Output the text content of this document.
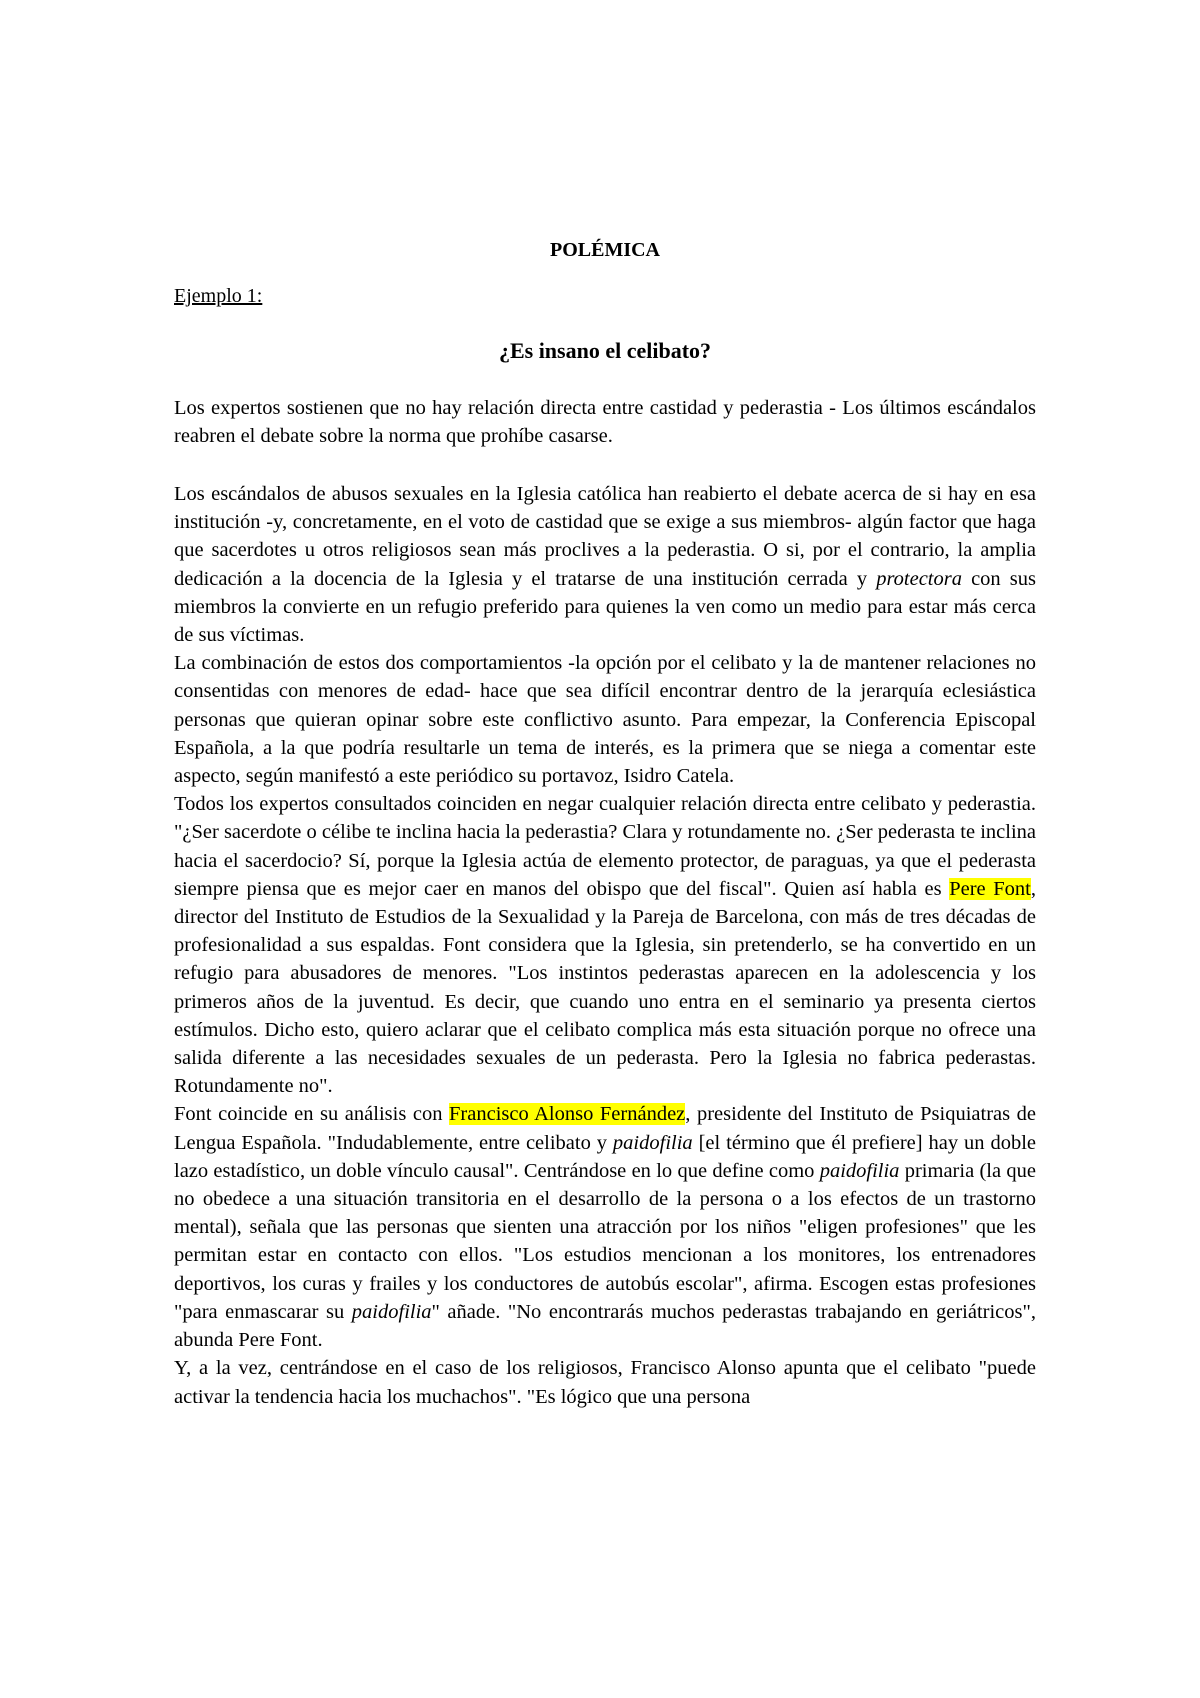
POLÉMICA
Ejemplo 1:
¿Es insano el celibato?

Los expertos sostienen que no hay relación directa entre castidad y pederastia - Los últimos escándalos reabren el debate sobre la norma que prohíbe casarse.

Los escándalos de abusos sexuales en la Iglesia católica han reabierto el debate acerca de si hay en esa institución -y, concretamente, en el voto de castidad que se exige a sus miembros- algún factor que haga que sacerdotes u otros religiosos sean más proclives a la pederastia. O si, por el contrario, la amplia dedicación a la docencia de la Iglesia y el tratarse de una institución cerrada y protectora con sus miembros la convierte en un refugio preferido para quienes la ven como un medio para estar más cerca de sus víctimas.

La combinación de estos dos comportamientos -la opción por el celibato y la de mantener relaciones no consentidas con menores de edad- hace que sea difícil encontrar dentro de la jerarquía eclesiástica personas que quieran opinar sobre este conflictivo asunto. Para empezar, la Conferencia Episcopal Española, a la que podría resultarle un tema de interés, es la primera que se niega a comentar este aspecto, según manifestó a este periódico su portavoz, Isidro Catela.

Todos los expertos consultados coinciden en negar cualquier relación directa entre celibato y pederastia. "¿Ser sacerdote o célibe te inclina hacia la pederastia? Clara y rotundamente no. ¿Ser pederasta te inclina hacia el sacerdocio? Sí, porque la Iglesia actúa de elemento protector, de paraguas, ya que el pederasta siempre piensa que es mejor caer en manos del obispo que del fiscal". Quien así habla es Pere Font, director del Instituto de Estudios de la Sexualidad y la Pareja de Barcelona, con más de tres décadas de profesionalidad a sus espaldas. Font considera que la Iglesia, sin pretenderlo, se ha convertido en un refugio para abusadores de menores. "Los instintos pederastas aparecen en la adolescencia y los primeros años de la juventud. Es decir, que cuando uno entra en el seminario ya presenta ciertos estímulos. Dicho esto, quiero aclarar que el celibato complica más esta situación porque no ofrece una salida diferente a las necesidades sexuales de un pederasta. Pero la Iglesia no fabrica pederastas. Rotundamente no".

Font coincide en su análisis con Francisco Alonso Fernández, presidente del Instituto de Psiquiatras de Lengua Española. "Indudablemente, entre celibato y paidofilia [el término que él prefiere] hay un doble lazo estadístico, un doble vínculo causal". Centrándose en lo que define como paidofilia primaria (la que no obedece a una situación transitoria en el desarrollo de la persona o a los efectos de un trastorno mental), señala que las personas que sienten una atracción por los niños "eligen profesiones" que les permitan estar en contacto con ellos. "Los estudios mencionan a los monitores, los entrenadores deportivos, los curas y frailes y los conductores de autobús escolar", afirma. Escogen estas profesiones "para enmascarar su paidofilia" añade. "No encontrarás muchos pederastas trabajando en geriátricos", abunda Pere Font.

Y, a la vez, centrándose en el caso de los religiosos, Francisco Alonso apunta que el celibato "puede activar la tendencia hacia los muchachos". "Es lógico que una persona
